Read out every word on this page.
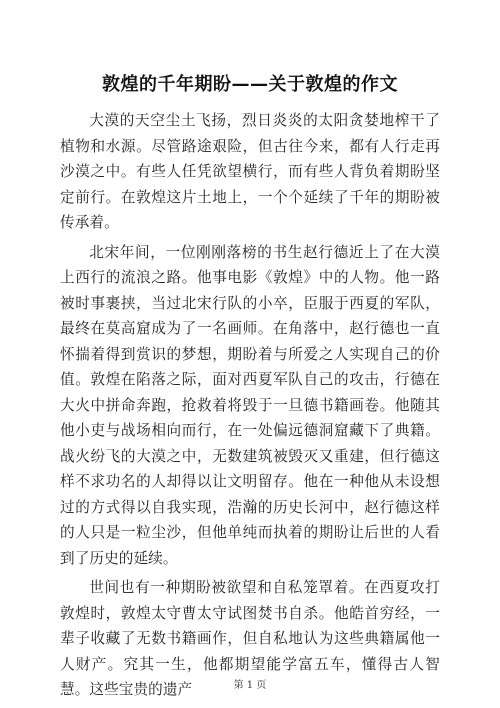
敦煌的千年期盼——关于敦煌的作文

大漠的天空尘土飞扬，烈日炎炎的太阳贪婪地榨干了植物和水源。尽管路途艰险，但古往今来，都有人行走再沙漠之中。有些人任凭欲望横行，而有些人背负着期盼坚定前行。在敦煌这片土地上，一个个延续了千年的期盼被传承着。

北宋年间，一位刚刚落榜的书生赵行德近上了在大漠上西行的流浪之路。他事电影《敦煌》中的人物。他一路被时事裹挟，当过北宋行队的小卒，臣服于西夏的军队，最终在莫高窟成为了一名画师。在角落中，赵行德也一直怀揣着得到赏识的梦想，期盼着与所爱之人实现自己的价值。敦煌在陷落之际，面对西夏军队自己的攻击，行德在大火中拼命奔跑，抢救着将毁于一旦德书籍画卷。他随其他小吏与战场相向而行，在一处偏远德洞窟藏下了典籍。战火纷飞的大漠之中，无数建筑被毁灭又重建，但行德这样不求功名的人却得以让文明留存。他在一种他从未设想过的方式得以自我实现，浩瀚的历史长河中，赵行德这样的人只是一粒尘沙，但他单纯而执着的期盼让后世的人看到了历史的延续。

世间也有一种期盼被欲望和自私笼罩着。在西夏攻打敦煌时，敦煌太守曹太守试图焚书自杀。他皓首穷经，一辈子收藏了无数书籍画作，但自私地认为这些典籍属他一人财产。究其一生，他都期望能学富五车，懂得古人智慧。这些宝贵的遗产	第 1 页
